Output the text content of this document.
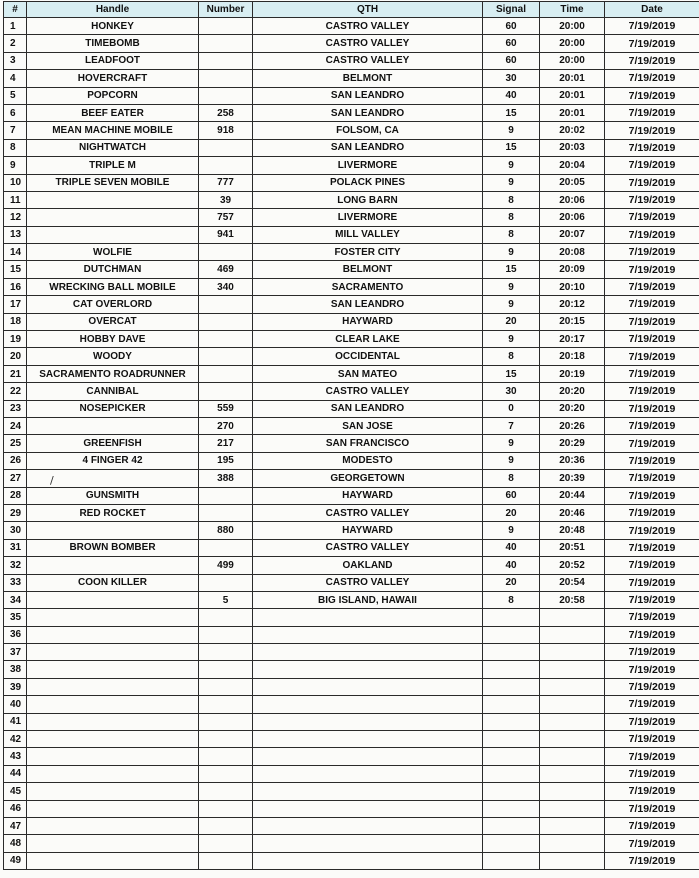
#	Handle	Number	QTH	Signal	Time	Date
1	HONKEY		CASTRO VALLEY	60	20:00	7/19/2019
2	TIMEBOMB		CASTRO VALLEY	60	20:00	7/19/2019
3	LEADFOOT		CASTRO VALLEY	60	20:00	7/19/2019
4	HOVERCRAFT		BELMONT	30	20:01	7/19/2019
5	POPCORN		SAN LEANDRO	40	20:01	7/19/2019
6	BEEF EATER	258	SAN LEANDRO	15	20:01	7/19/2019
7	MEAN MACHINE MOBILE	918	FOLSOM, CA	9	20:02	7/19/2019
8	NIGHTWATCH		SAN LEANDRO	15	20:03	7/19/2019
9	TRIPLE M		LIVERMORE	9	20:04	7/19/2019
10	TRIPLE SEVEN MOBILE	777	POLACK PINES	9	20:05	7/19/2019
11		39	LONG BARN	8	20:06	7/19/2019
12		757	LIVERMORE	8	20:06	7/19/2019
13		941	MILL VALLEY	8	20:07	7/19/2019
14	WOLFIE		FOSTER CITY	9	20:08	7/19/2019
15	DUTCHMAN	469	BELMONT	15	20:09	7/19/2019
16	WRECKING BALL MOBILE	340	SACRAMENTO	9	20:10	7/19/2019
17	CAT OVERLORD		SAN LEANDRO	9	20:12	7/19/2019
18	OVERCAT		HAYWARD	20	20:15	7/19/2019
19	HOBBY DAVE		CLEAR LAKE	9	20:17	7/19/2019
20	WOODY		OCCIDENTAL	8	20:18	7/19/2019
21	SACRAMENTO ROADRUNNER		SAN MATEO	15	20:19	7/19/2019
22	CANNIBAL		CASTRO VALLEY	30	20:20	7/19/2019
23	NOSEPICKER	559	SAN LEANDRO	0	20:20	7/19/2019
24		270	SAN JOSE	7	20:26	7/19/2019
25	GREENFISH	217	SAN FRANCISCO	9	20:29	7/19/2019
26	4 FINGER 42	195	MODESTO	9	20:36	7/19/2019
27		388	GEORGETOWN	8	20:39	7/19/2019
28	GUNSMITH		HAYWARD	60	20:44	7/19/2019
29	RED ROCKET		CASTRO VALLEY	20	20:46	7/19/2019
30		880	HAYWARD	9	20:48	7/19/2019
31	BROWN BOMBER		CASTRO VALLEY	40	20:51	7/19/2019
32		499	OAKLAND	40	20:52	7/19/2019
33	COON KILLER		CASTRO VALLEY	20	20:54	7/19/2019
34		5	BIG ISLAND, HAWAII	8	20:58	7/19/2019
35						7/19/2019
36						7/19/2019
37						7/19/2019
38						7/19/2019
39						7/19/2019
40						7/19/2019
41						7/19/2019
42						7/19/2019
43						7/19/2019
44						7/19/2019
45						7/19/2019
46						7/19/2019
47						7/19/2019
48						7/19/2019
49						7/19/2019
/
